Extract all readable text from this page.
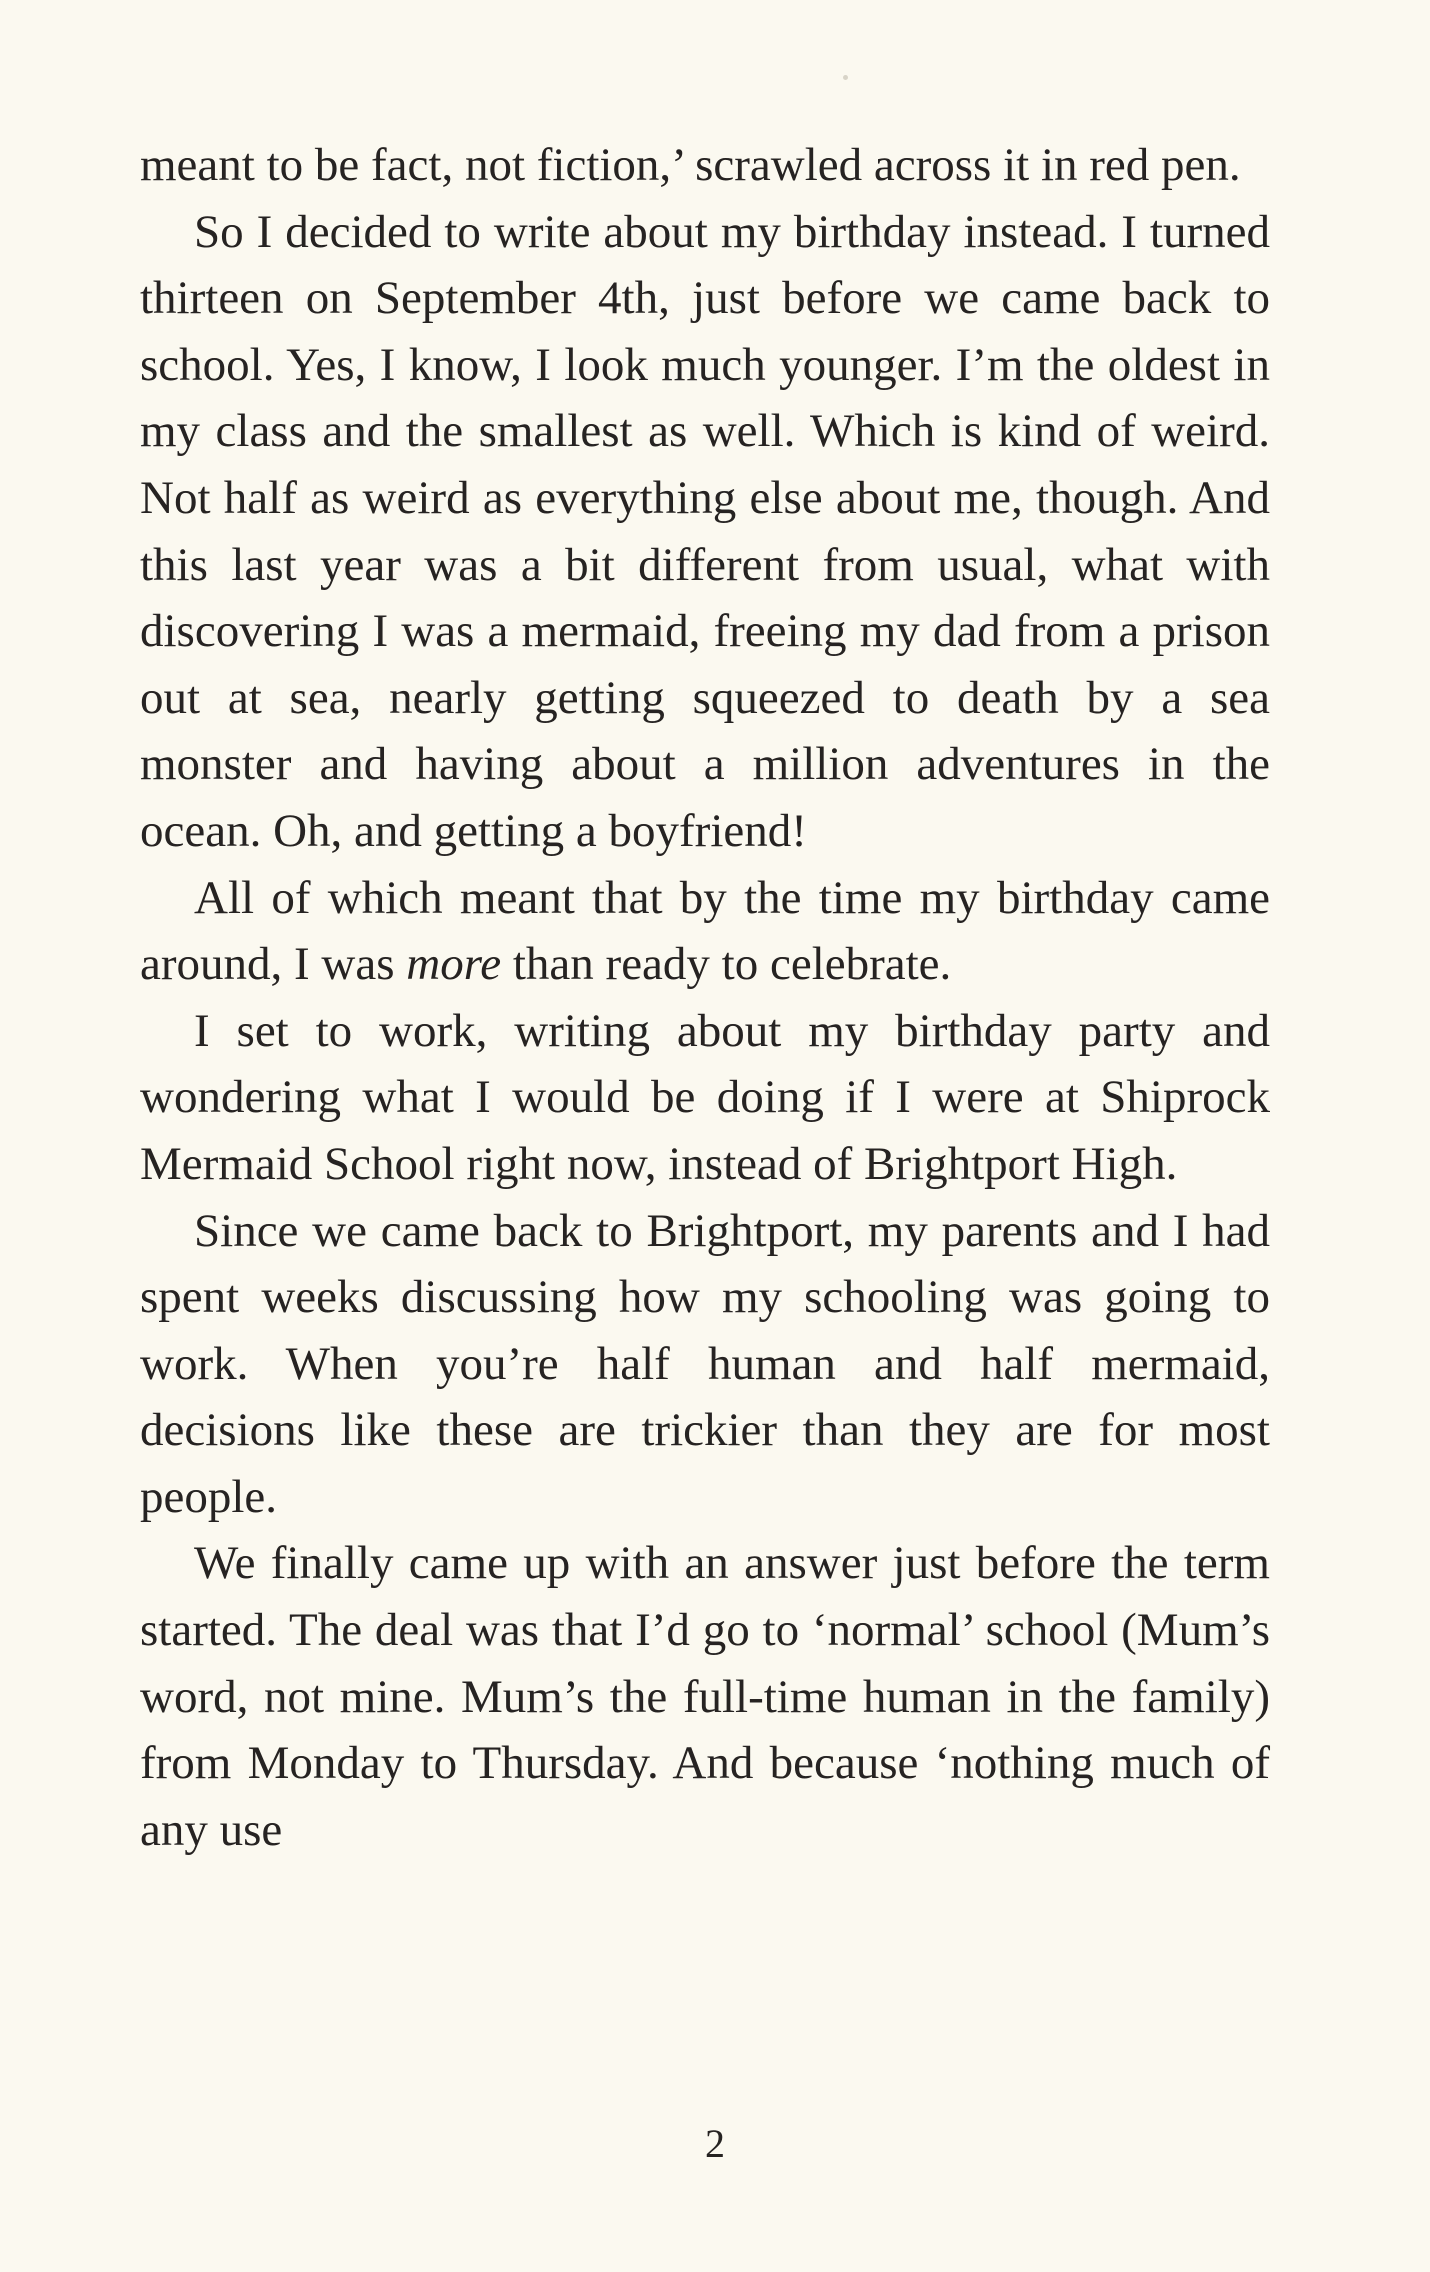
meant to be fact, not fiction,’ scrawled across it in red pen.

So I decided to write about my birthday instead. I turned thirteen on September 4th, just before we came back to school. Yes, I know, I look much younger. I’m the oldest in my class and the smallest as well. Which is kind of weird. Not half as weird as everything else about me, though. And this last year was a bit different from usual, what with discovering I was a mermaid, freeing my dad from a prison out at sea, nearly getting squeezed to death by a sea monster and having about a million adventures in the ocean. Oh, and getting a boyfriend!

All of which meant that by the time my birthday came around, I was more than ready to celebrate.

I set to work, writing about my birthday party and wondering what I would be doing if I were at Shiprock Mermaid School right now, instead of Brightport High.

Since we came back to Brightport, my parents and I had spent weeks discussing how my schooling was going to work. When you’re half human and half mermaid, decisions like these are trickier than they are for most people.

We finally came up with an answer just before the term started. The deal was that I’d go to ‘normal’ school (Mum’s word, not mine. Mum’s the full-time human in the family) from Monday to Thursday. And because ‘nothing much of any use

2
